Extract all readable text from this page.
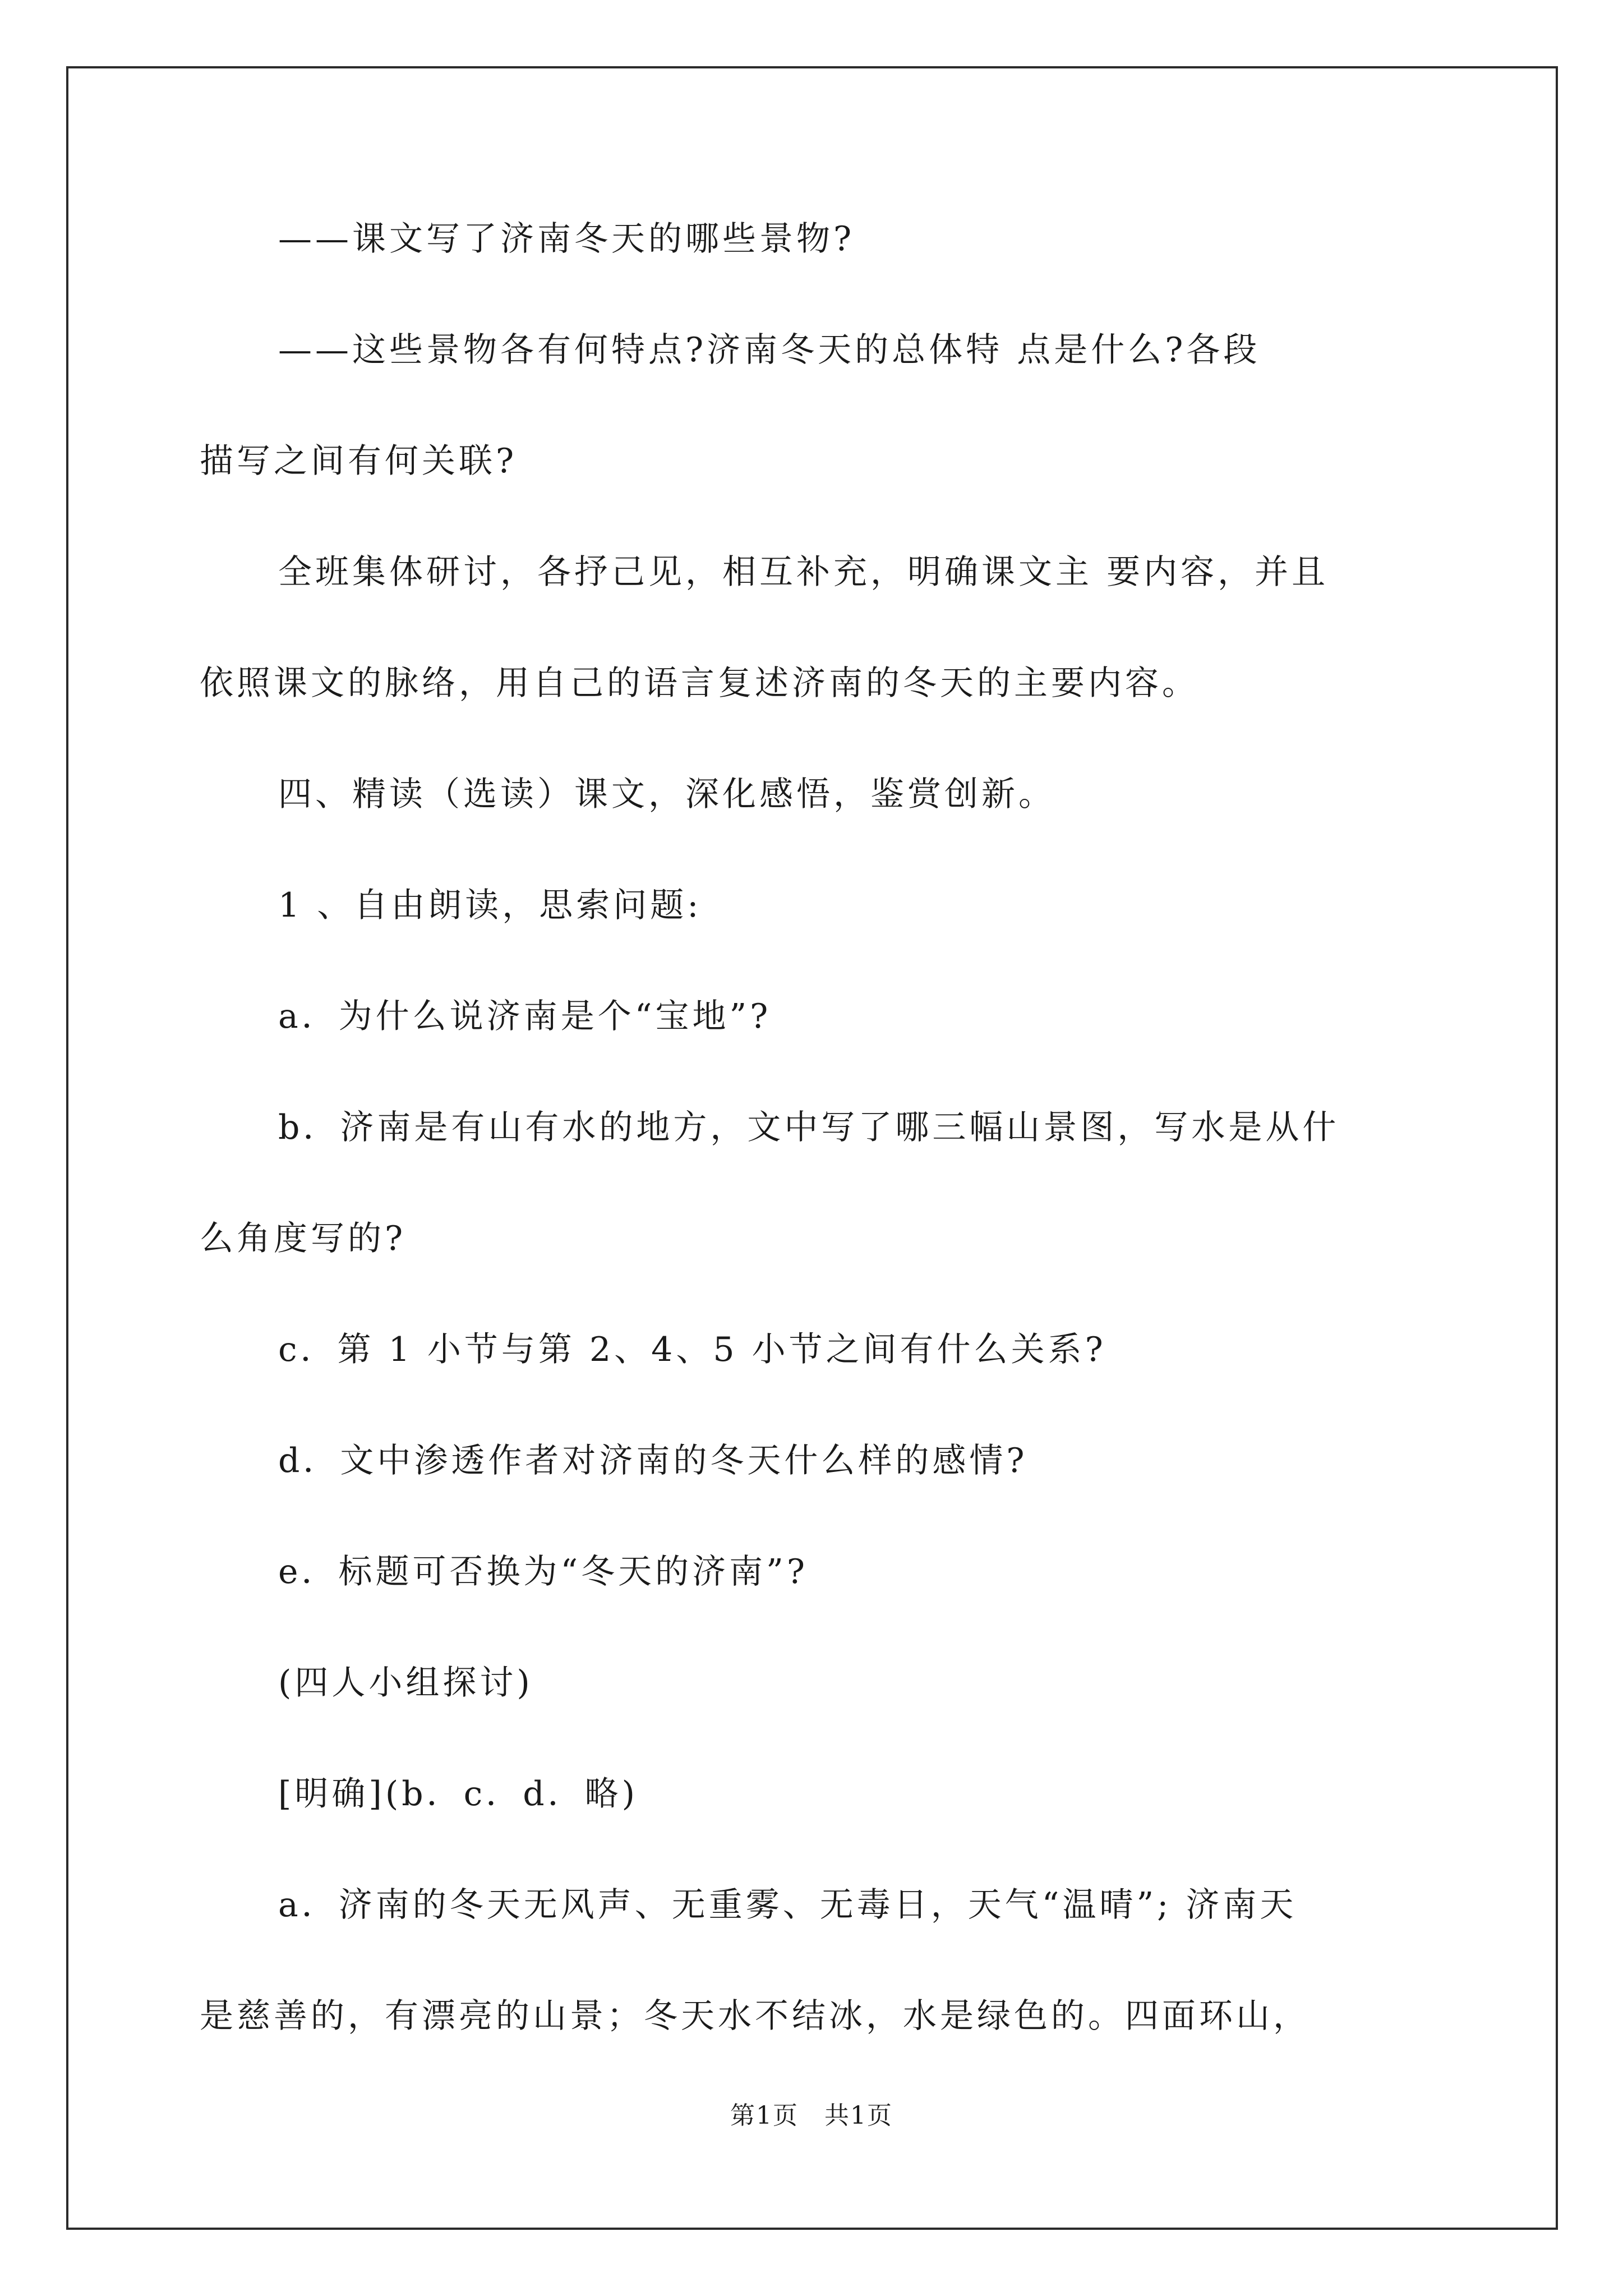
——课文写了济南冬天的哪些景物?
——这些景物各有何特点?济南冬天的总体特 点是什么?各段
描写之间有何关联?
全班集体研讨，各抒己见，相互补充，明确课文主 要内容，并且
依照课文的脉络，用自己的语言复述济南的冬天的主要内容。
四、精读（选读）课文，深化感悟，鉴赏创新。
1 、自由朗读，思索问题:
a．为什么说济南是个“宝地”?
b．济南是有山有水的地方，文中写了哪三幅山景图，写水是从什
么角度写的?
c．第 1 小节与第 2、4、5 小节之间有什么关系?
d．文中渗透作者对济南的冬天什么样的感情?
e．标题可否换为“冬天的济南”?
(四人小组探讨)
[明确](b．c．d．略)
a．济南的冬天无风声、无重雾、无毒日，天气“温晴”; 济南天
是慈善的，有漂亮的山景；冬天水不结冰，水是绿色的。四面环山，
第1页　共1页
